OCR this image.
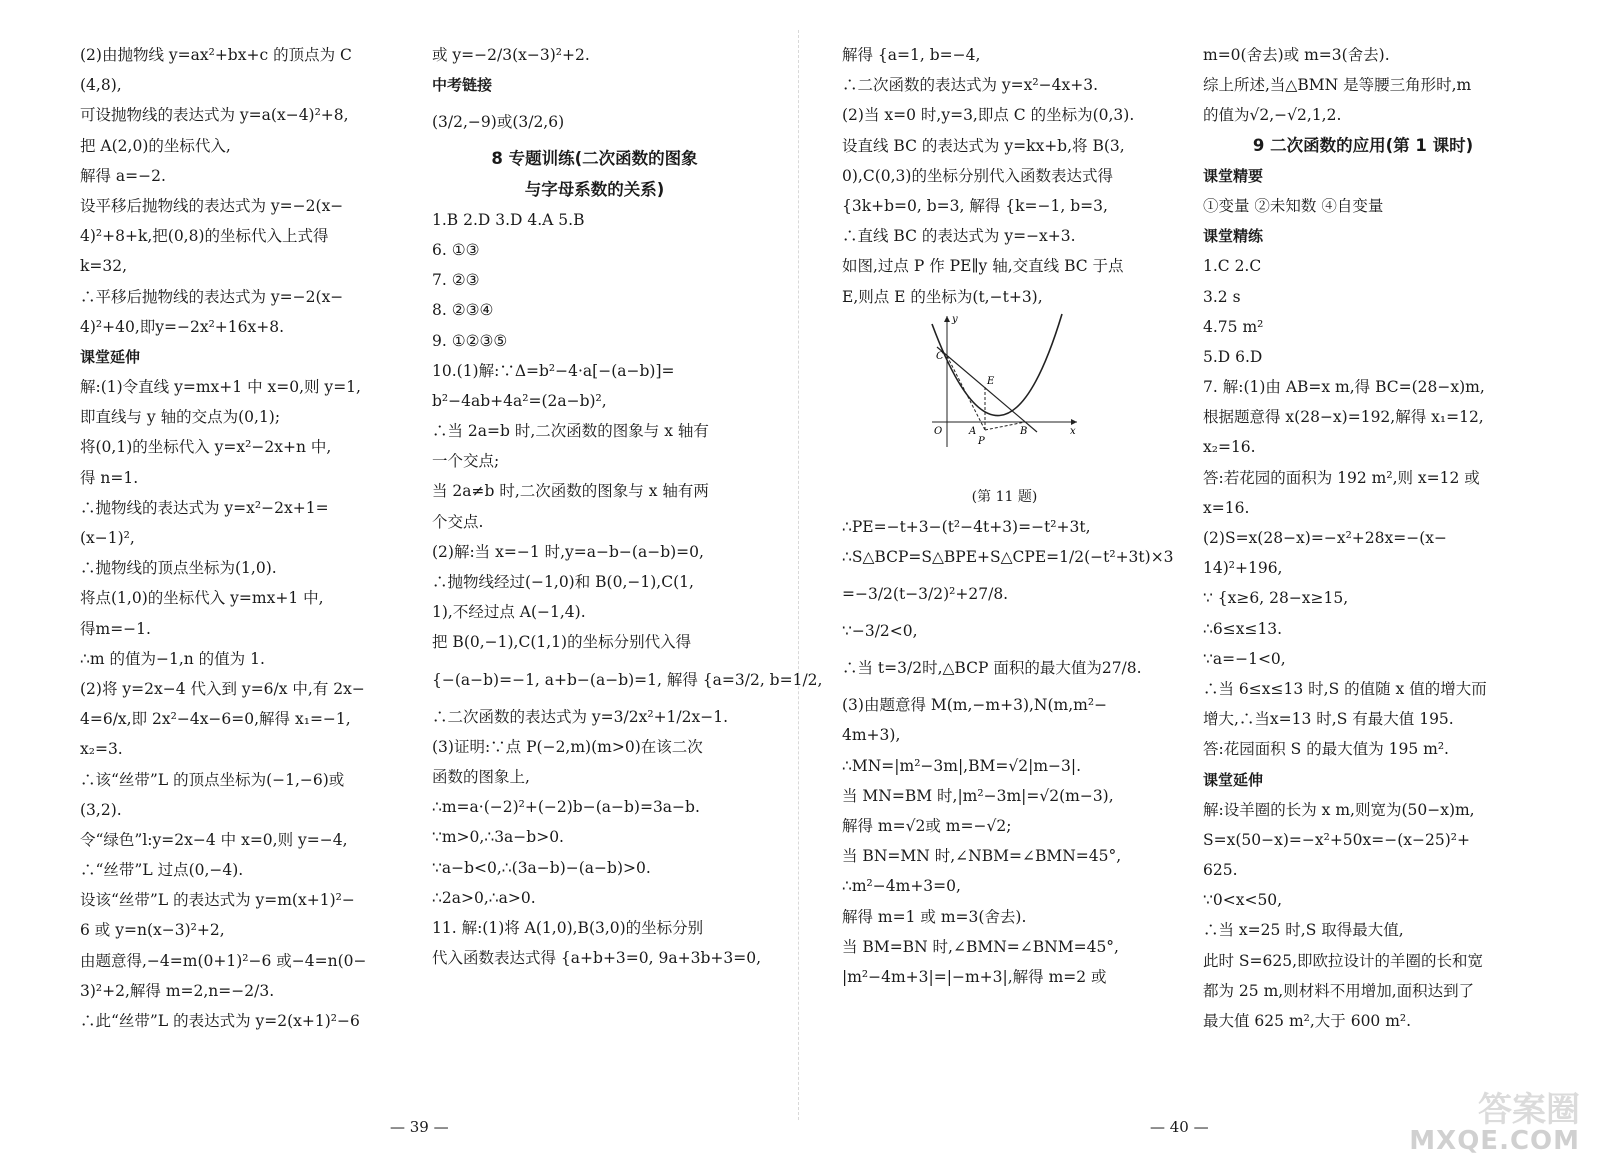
(2)由抛物线 y=ax²+bx+c 的顶点为 C
(4,8),
可设抛物线的表达式为 y=a(x−4)²+8,
把 A(2,0)的坐标代入,
解得 a=−2.
设平移后抛物线的表达式为 y=−2(x−
4)²+8+k,把(0,8)的坐标代入上式得
k=32,
∴平移后抛物线的表达式为 y=−2(x−
4)²+40,即y=−2x²+16x+8.
课堂延伸
解:(1)令直线 y=mx+1 中 x=0,则 y=1,
即直线与 y 轴的交点为(0,1);
将(0,1)的坐标代入 y=x²−2x+n 中,
得 n=1.
∴抛物线的表达式为 y=x²−2x+1=
(x−1)²,
∴抛物线的顶点坐标为(1,0).
将点(1,0)的坐标代入 y=mx+1 中,
得m=−1.
∴m 的值为−1,n 的值为 1.
(2)将 y=2x−4 代入到 y=6/x 中,有 2x−
4=6/x,即 2x²−4x−6=0,解得 x₁=−1,
x₂=3.
∴该“丝带”L 的顶点坐标为(−1,−6)或
(3,2).
令“绿色”l:y=2x−4 中 x=0,则 y=−4,
∴“丝带”L 过点(0,−4).
设该“丝带”L 的表达式为 y=m(x+1)²−
6 或 y=n(x−3)²+2,
由题意得,−4=m(0+1)²−6 或−4=n(0−
3)²+2,解得 m=2,n=−2/3.
∴此“丝带”L 的表达式为 y=2(x+1)²−6
或 y=−2/3(x−3)²+2.
中考链接
(3/2,−9)或(3/2,6)
8 专题训练(二次函数的图象
与字母系数的关系)
1.B 2.D 3.D 4.A 5.B
6. ①③
7. ②③
8. ②③④
9. ①②③⑤
10.(1)解:∵Δ=b²−4·a[−(a−b)]=
b²−4ab+4a²=(2a−b)²,
∴当 2a=b 时,二次函数的图象与 x 轴有
一个交点;
当 2a≠b 时,二次函数的图象与 x 轴有两
个交点.
(2)解:当 x=−1 时,y=a−b−(a−b)=0,
∴抛物线经过(−1,0)和 B(0,−1),C(1,
1),不经过点 A(−1,4).
把 B(0,−1),C(1,1)的坐标分别代入得
{−(a−b)=−1, a+b−(a−b)=1, 解得 {a=3/2, b=1/2,
∴二次函数的表达式为 y=3/2x²+1/2x−1.
(3)证明:∵点 P(−2,m)(m>0)在该二次
函数的图象上,
∴m=a·(−2)²+(−2)b−(a−b)=3a−b.
∵m>0,∴3a−b>0.
∵a−b<0,∴(3a−b)−(a−b)>0.
∴2a>0,∴a>0.
11. 解:(1)将 A(1,0),B(3,0)的坐标分别
代入函数表达式得 {a+b+3=0, 9a+3b+3=0,
解得 {a=1, b=−4,
∴二次函数的表达式为 y=x²−4x+3.
(2)当 x=0 时,y=3,即点 C 的坐标为(0,3).
设直线 BC 的表达式为 y=kx+b,将 B(3,
0),C(0,3)的坐标分别代入函数表达式得
{3k+b=0, b=3, 解得 {k=−1, b=3,
∴直线 BC 的表达式为 y=−x+3.
如图,过点 P 作 PE∥y 轴,交直线 BC 于点
E,则点 E 的坐标为(t,−t+3),
y
x
O
C
E
A
P
B
(第 11 题)
∴PE=−t+3−(t²−4t+3)=−t²+3t,
∴S△BCP=S△BPE+S△CPE=1/2(−t²+3t)×3
=−3/2(t−3/2)²+27/8.
∵−3/2<0,
∴当 t=3/2时,△BCP 面积的最大值为27/8.
(3)由题意得 M(m,−m+3),N(m,m²−
4m+3),
∴MN=|m²−3m|,BM=√2|m−3|.
当 MN=BM 时,|m²−3m|=√2(m−3),
解得 m=√2或 m=−√2;
当 BN=MN 时,∠NBM=∠BMN=45°,
∴m²−4m+3=0,
解得 m=1 或 m=3(舍去).
当 BM=BN 时,∠BMN=∠BNM=45°,
|m²−4m+3|=|−m+3|,解得 m=2 或
m=0(舍去)或 m=3(舍去).
综上所述,当△BMN 是等腰三角形时,m
的值为√2,−√2,1,2.
9 二次函数的应用(第 1 课时)
课堂精要
①变量 ②未知数 ④自变量
课堂精练
1.C 2.C
3.2 s
4.75 m²
5.D 6.D
7. 解:(1)由 AB=x m,得 BC=(28−x)m,
根据题意得 x(28−x)=192,解得 x₁=12,
x₂=16.
答:若花园的面积为 192 m²,则 x=12 或
x=16.
(2)S=x(28−x)=−x²+28x=−(x−
14)²+196,
∵ {x≥6, 28−x≥15,
∴6≤x≤13.
∵a=−1<0,
∴当 6≤x≤13 时,S 的值随 x 值的增大而
增大,∴当x=13 时,S 有最大值 195.
答:花园面积 S 的最大值为 195 m².
课堂延伸
解:设羊圈的长为 x m,则宽为(50−x)m,
S=x(50−x)=−x²+50x=−(x−25)²+
625.
∵0<x<50,
∴当 x=25 时,S 取得最大值,
此时 S=625,即欧拉设计的羊圈的长和宽
都为 25 m,则材料不用增加,面积达到了
最大值 625 m²,大于 600 m².
— 39 —	— 40 —	答案圈
MXQE.COM
